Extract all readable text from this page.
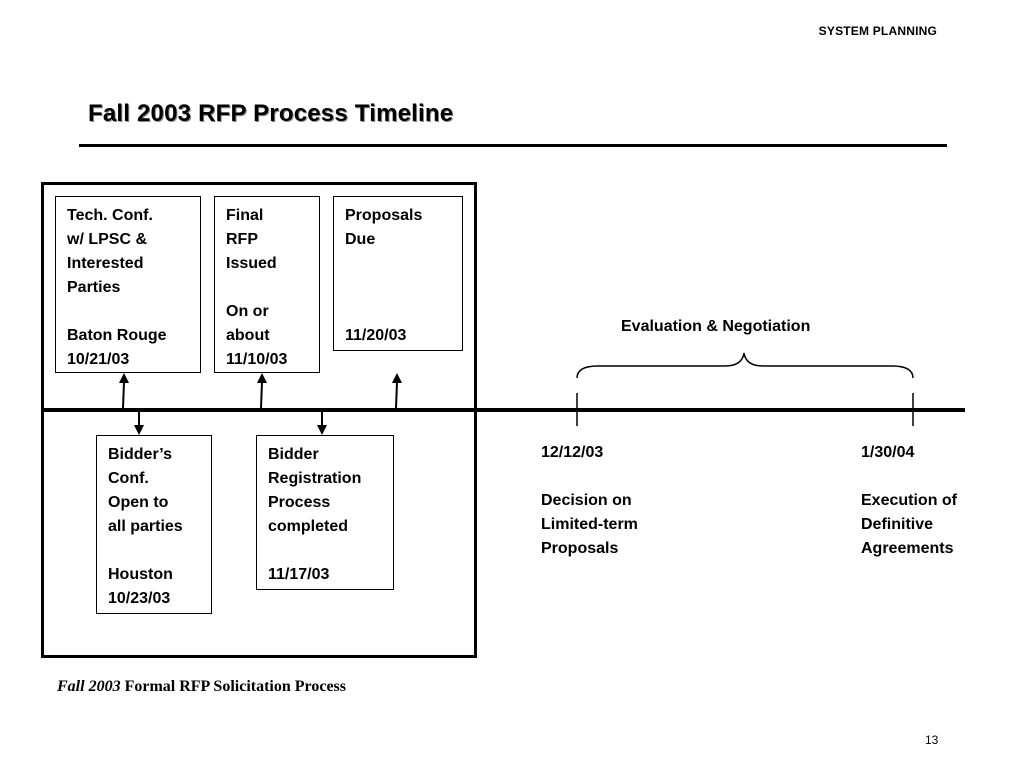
SYSTEM PLANNING
Fall 2003 RFP Process Timeline
Tech. Conf.
w/ LPSC &
Interested
Parties
Baton Rouge
10/21/03
Final
RFP
Issued
On or
about
11/10/03
Proposals
Due
11/20/03
Bidder’s
Conf.
Open to
all parties
Houston
10/23/03
Bidder
Registration
Process
completed
11/17/03
Evaluation & Negotiation
12/12/03
Decision on
Limited-term
Proposals
1/30/04
Execution of
Definitive
Agreements
Fall 2003 Formal RFP Solicitation Process
13
